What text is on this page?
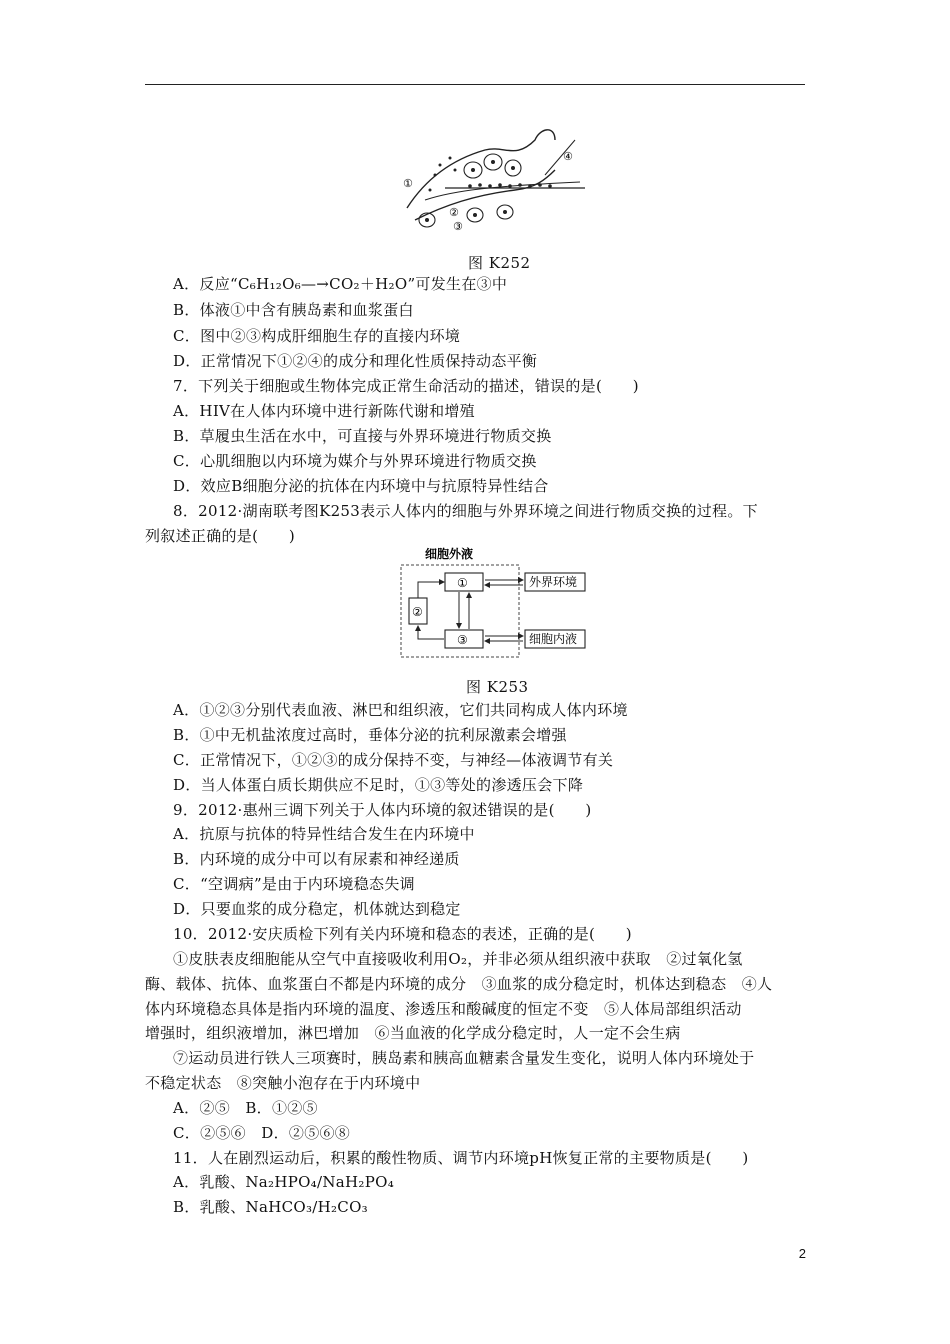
①
②
③
④
图 K252
A．反应“C₆H₁₂O₆—→CO₂＋H₂O”可发生在③中
B．体液①中含有胰岛素和血浆蛋白
C．图中②③构成肝细胞生存的直接内环境
D．正常情况下①②④的成分和理化性质保持动态平衡
7．下列关于细胞或生物体完成正常生命活动的描述，错误的是(　　)
A．HIV在人体内环境中进行新陈代谢和增殖
B．草履虫生活在水中，可直接与外界环境进行物质交换
C．心肌细胞以内环境为媒介与外界环境进行物质交换
D．效应B细胞分泌的抗体在内环境中与抗原特异性结合
8．2012·湖南联考图K253表示人体内的细胞与外界环境之间进行物质交换的过程。下
列叙述正确的是(　　)
细胞外液
①
②
③
外界环境
细胞内液
图 K253
A．①②③分别代表血液、淋巴和组织液，它们共同构成人体内环境
B．①中无机盐浓度过高时，垂体分泌的抗利尿激素会增强
C．正常情况下，①②③的成分保持不变，与神经—体液调节有关
D．当人体蛋白质长期供应不足时，①③等处的渗透压会下降
9．2012·惠州三调下列关于人体内环境的叙述错误的是(　　)
A．抗原与抗体的特异性结合发生在内环境中
B．内环境的成分中可以有尿素和神经递质
C．“空调病”是由于内环境稳态失调
D．只要血浆的成分稳定，机体就达到稳定
10．2012·安庆质检下列有关内环境和稳态的表述，正确的是(　　)
①皮肤表皮细胞能从空气中直接吸收利用O₂，并非必须从组织液中获取　②过氧化氢
酶、载体、抗体、血浆蛋白不都是内环境的成分　③血浆的成分稳定时，机体达到稳态　④人
体内环境稳态具体是指内环境的温度、渗透压和酸碱度的恒定不变　⑤人体局部组织活动
增强时，组织液增加，淋巴增加　⑥当血液的化学成分稳定时，人一定不会生病
⑦运动员进行铁人三项赛时，胰岛素和胰高血糖素含量发生变化，说明人体内环境处于
不稳定状态　⑧突触小泡存在于内环境中
A．②⑤　B．①②⑤
C．②⑤⑥　D．②⑤⑥⑧
11．人在剧烈运动后，积累的酸性物质、调节内环境pH恢复正常的主要物质是(　　)
A．乳酸、Na₂HPO₄/NaH₂PO₄
B．乳酸、NaHCO₃/H₂CO₃
2
